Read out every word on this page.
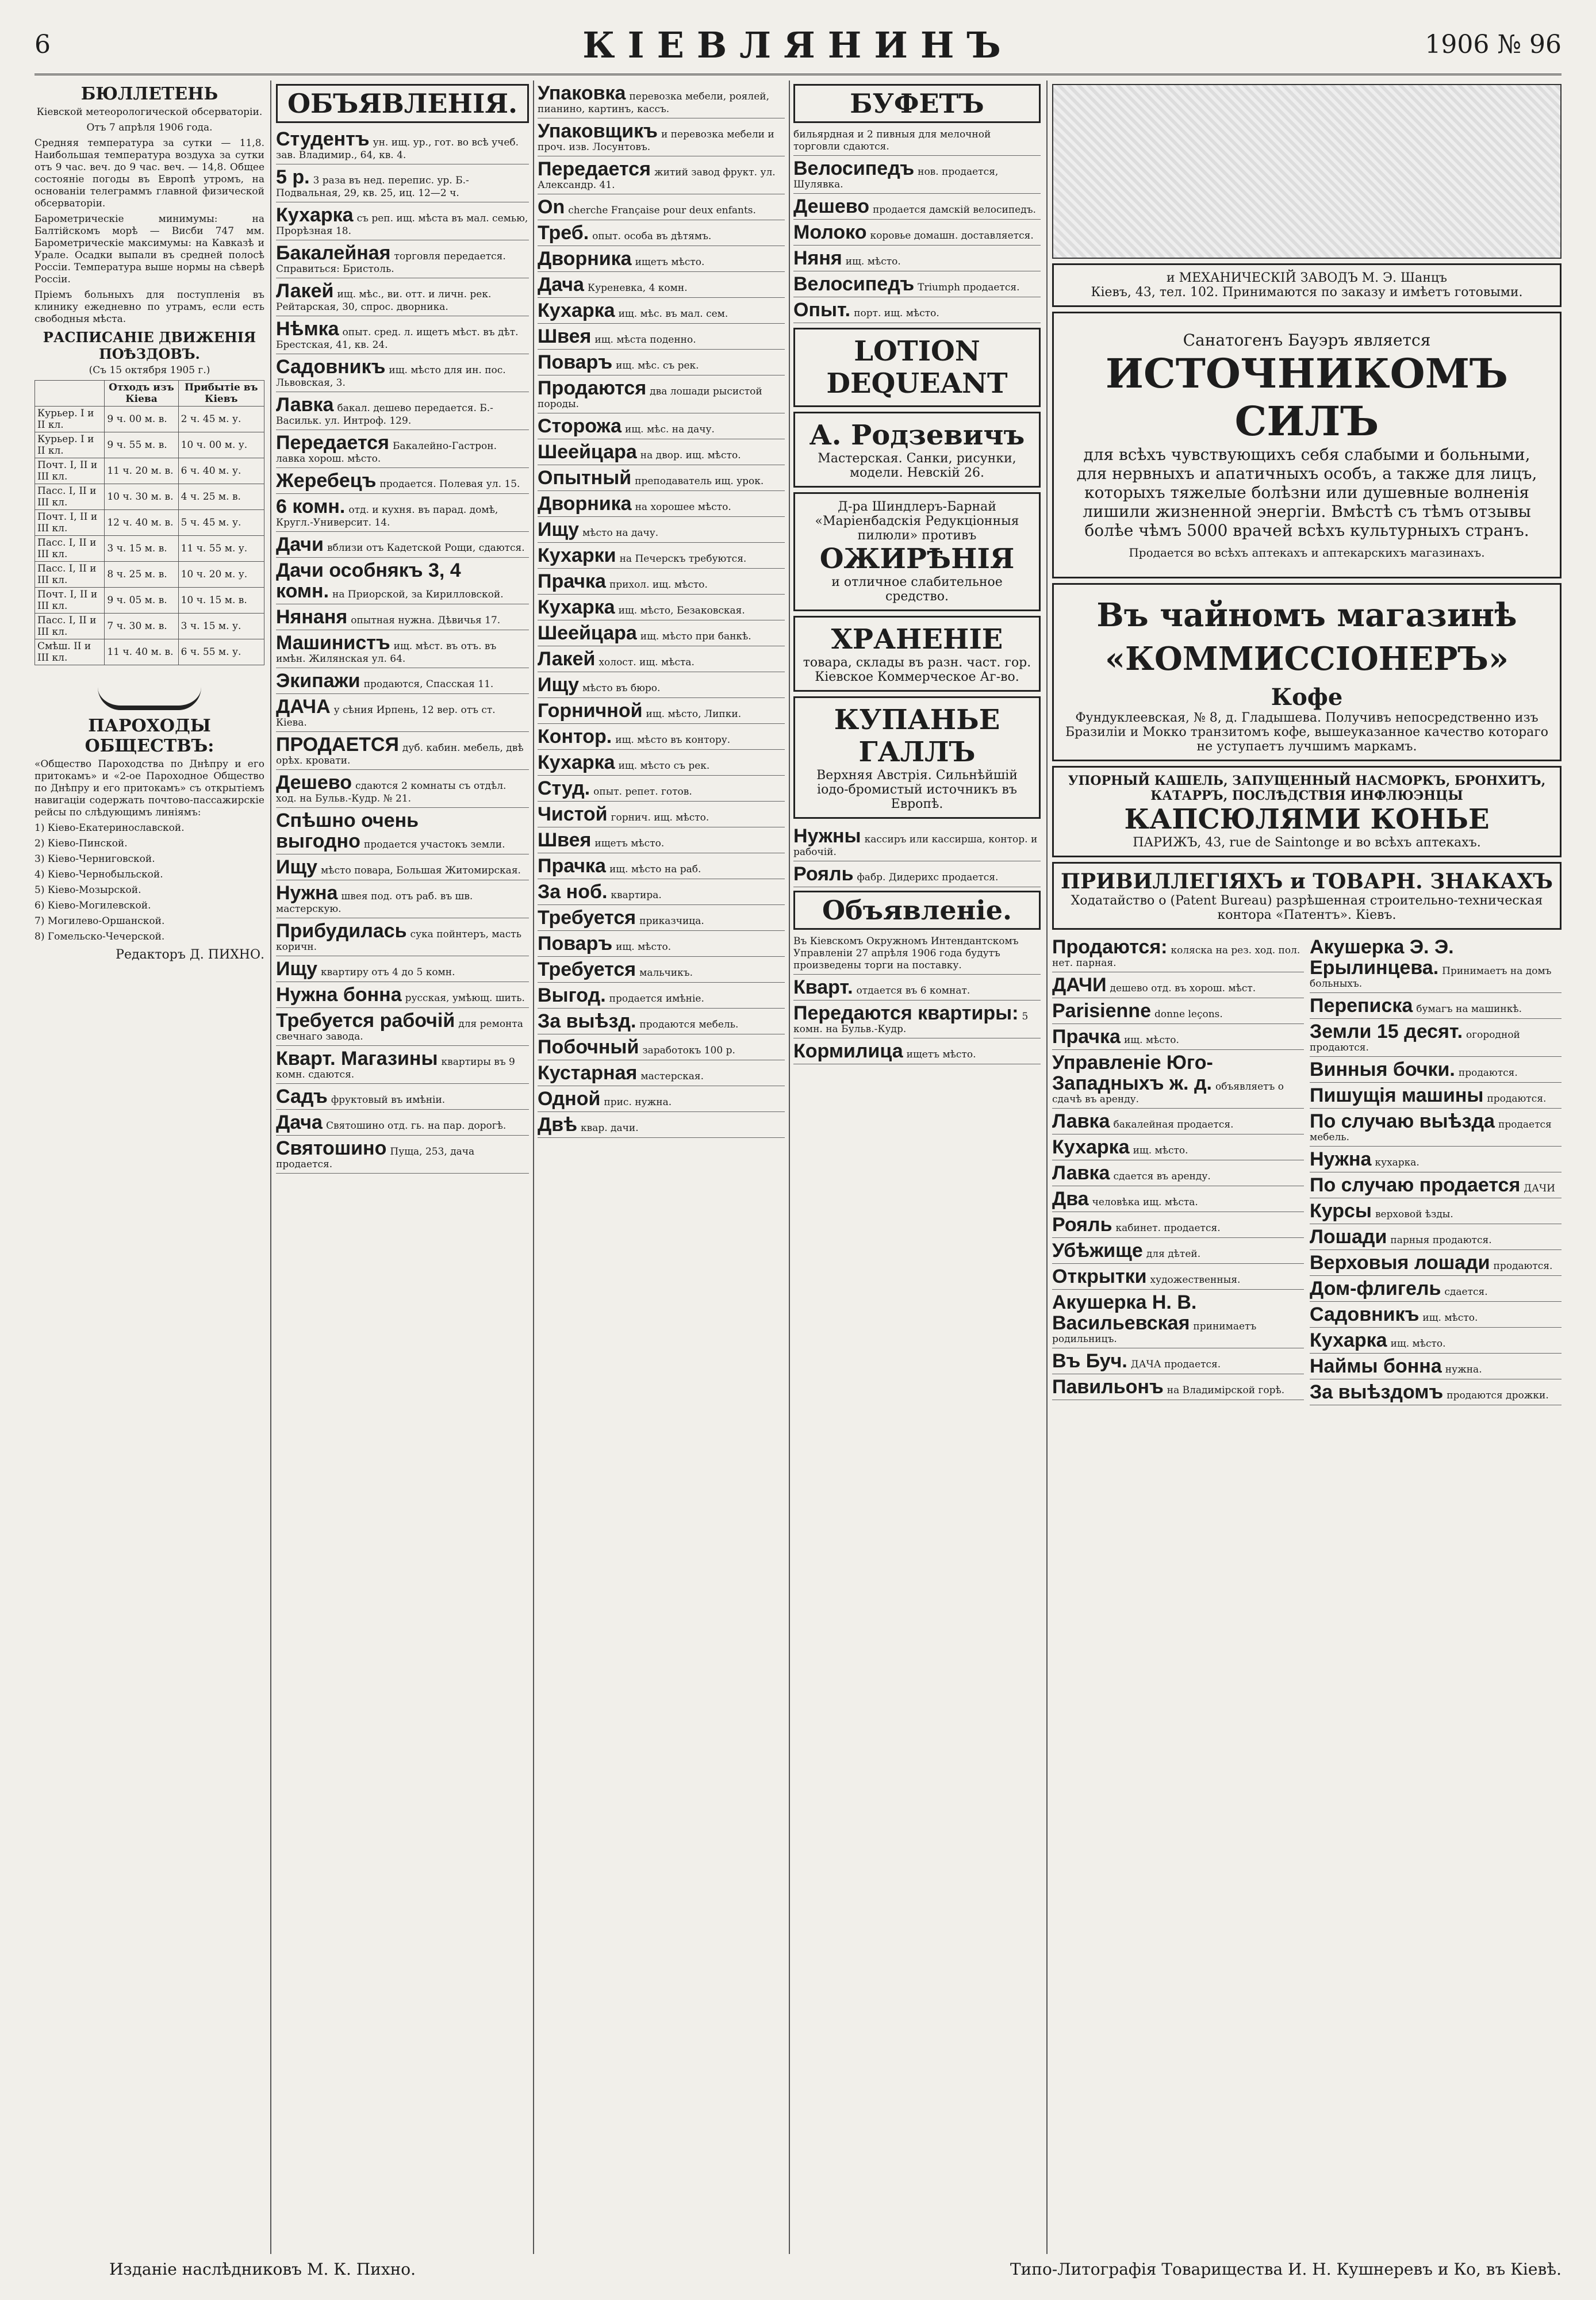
6	КІЕВЛЯНИНЪ	1906 № 96
БЮЛЛЕТЕНЬ

Кіевской метеорологической обсерваторіи.

Отъ 7 апрѣля 1906 года.

Средняя температура за сутки — 11,8. Наибольшая температура воздуха за сутки отъ 9 час. веч. до 9 час. веч. — 14,8. Общее состояніе погоды въ Европѣ утромъ, на основаніи телеграммъ главной физической обсерваторіи.

Барометрическіе минимумы: на Балтійскомъ морѣ — Висби 747 мм. Барометрическіе максимумы: на Кавказѣ и Урале. Осадки выпали въ средней полосѣ Россіи. Температура выше нормы на сѣверѣ Россіи.

Пріемъ больныхъ для поступленія въ клинику ежедневно по утрамъ, если есть свободныя мѣста.

РАСПИСАНІЕ ДВИЖЕНІЯ ПОѢЗДОВЪ.

(Съ 15 октября 1905 г.)

	Отходъ изъ Кіева	Прибытіе въ Кіевъ
Курьер. I и II кл.	9 ч. 00 м. в.	2 ч. 45 м. у.
Курьер. I и II кл.	9 ч. 55 м. в.	10 ч. 00 м. у.
Почт. I, II и III кл.	11 ч. 20 м. в.	6 ч. 40 м. у.
Пасс. I, II и III кл.	10 ч. 30 м. в.	4 ч. 25 м. в.
Почт. I, II и III кл.	12 ч. 40 м. в.	5 ч. 45 м. у.
Пасс. I, II и III кл.	3 ч. 15 м. в.	11 ч. 55 м. у.
Пасс. I, II и III кл.	8 ч. 25 м. в.	10 ч. 20 м. у.
Почт. I, II и III кл.	9 ч. 05 м. в.	10 ч. 15 м. в.
Пасс. I, II и III кл.	7 ч. 30 м. в.	3 ч. 15 м. у.
Смѣш. II и III кл.	11 ч. 40 м. в.	6 ч. 55 м. у.
ПАРОХОДЫ ОБЩЕСТВЪ:

«Общество Пароходства по Днѣпру и его притокамъ» и «2-ое Пароходное Общество по Днѣпру и его притокамъ» съ открытіемъ навигаціи содержать почтово-пассажирскіе рейсы по слѣдующимъ линіямъ:

1) Кіево-Екатеринославской.

2) Кіево-Пинской.

3) Кіево-Черниговской.

4) Кіево-Чернобыльской.

5) Кіево-Мозырской.

6) Кіево-Могилевской.

7) Могилево-Оршанской.

8) Гомельско-Чечерской.

Редакторъ Д. ПИХНО.
ОБЪЯВЛЕНІЯ.
Студентъ ун. ищ. ур., гот. во всѣ учеб. зав. Владимир., 64, кв. 4.
5 р. 3 раза въ нед. перепис. ур. Б.-Подвальная, 29, кв. 25, иц. 12—2 ч.
Кухарка съ реп. ищ. мѣста въ мал. семью, Прорѣзная 18.
Бакалейная торговля передается. Справиться: Бристоль.
Лакей ищ. мѣс., ви. отт. и личн. рек. Рейтарская, 30, спрос. дворника.
Нѣмка опыт. сред. л. ищетъ мѣст. въ дѣт. Брестская, 41, кв. 24.
Садовникъ ищ. мѣсто для ин. пос. Львовская, 3.
Лавка бакал. дешево передается. Б.-Васильк. ул. Интроф. 129.
Передается Бакалейно-Гастрон. лавка хорош. мѣсто.
Жеребецъ продается. Полевая ул. 15.
6 комн. отд. и кухня. въ парад. домѣ, Кругл.-Университ. 14.
Дачи вблизи отъ Кадетской Рощи, сдаются.
Дачи особнякъ 3, 4 комн. на Приорской, за Кирилловской.
Нянаня опытная нужна. Дѣвичья 17.
Машинистъ ищ. мѣст. въ отъ. въ имѣн. Жилянская ул. 64.
Экипажи продаются, Спасская 11.
ДАЧА у сѣния Ирпень, 12 вер. отъ ст. Кіева.
ПРОДАЕТСЯ дуб. кабин. мебель, двѣ орѣх. кровати.
Дешево сдаются 2 комнаты съ отдѣл. ход. на Бульв.-Кудр. № 21.
Спѣшно очень выгодно продается участокъ земли.
Ищу мѣсто повара, Большая Житомирская.
Нужна швея под. отъ раб. въ шв. мастерскую.
Прибудилась сука пойнтеръ, масть коричн.
Ищу квартиру отъ 4 до 5 комн.
Нужна бонна русская, умѣющ. шить.
Требуется рабочій для ремонта свечнаго завода.
Кварт. Магазины квартиры въ 9 комн. сдаются.
Садъ фруктовый въ имѣніи.
Дача Святошино отд. гь. на пар. дорогѣ.
Святошино Пуща, 253, дача продается.
Упаковка перевозка мебели, роялей, пианино, картинъ, кассъ.
Упаковщикъ и перевозка мебели и проч. изв. Лосунтовъ.
Передается житий завод фрукт. ул. Александр. 41.
On cherche Française pour deux enfants.
Треб. опыт. особа въ дѣтямъ.
Дворника ищетъ мѣсто.
Дача Куреневка, 4 комн.
Кухарка ищ. мѣс. въ мал. сем.
Швея ищ. мѣста поденно.
Поваръ ищ. мѣс. съ рек.
Продаются два лошади рысистой породы.
Сторожа ищ. мѣс. на дачу.
Шеейцара на двор. ищ. мѣсто.
Опытный преподаватель ищ. урок.
Дворника на хорошее мѣсто.
Ищу мѣсто на дачу.
Кухарки на Печерскъ требуются.
Прачка прихол. ищ. мѣсто.
Кухарка ищ. мѣсто, Безаковская.
Шеейцара ищ. мѣсто при банкѣ.
Лакей холост. ищ. мѣста.
Ищу мѣсто въ бюро.
Горничной ищ. мѣсто, Липки.
Контор. ищ. мѣсто въ контору.
Кухарка ищ. мѣсто съ рек.
Студ. опыт. репет. готов.
Чистой горнич. ищ. мѣсто.
Швея ищетъ мѣсто.
Прачка ищ. мѣсто на раб.
За ноб. квартира.
Требуется приказчица.
Поваръ ищ. мѣсто.
Требуется мальчикъ.
Выгод. продается имѣніе.
За выѣзд. продаются мебель.
Побочный заработокъ 100 р.
Кустарная мастерская.
Одной прис. нужна.
Двѣ квар. дачи.
БУФЕТЪ
бильярдная и 2 пивныя для мелочной торговли сдаются.
Велосипедъ нов. продается, Шулявка.
Дешево продается дамскій велосипедъ.
Молоко коровье домашн. доставляется.
Няня ищ. мѣсто.
Велосипедъ Triumph продается.
Опыт. порт. ищ. мѣсто.
LOTION DEQUEANT
А. Родзевичъ
Мастерская. Санки, рисунки, модели. Невскій 26.
Д-ра Шиндлеръ-Барнай
«Маріенбадскія Редукціонныя пилюли» противъ
ОЖИРѢНІЯ
и отличное слабительное средство.
ХРАНЕНІЕ
товара, склады въ разн. част. гор. Кіевское Коммерческое Аг-во.
КУПАНЬЕ ГАЛЛЪ
Верхняя Австрія. Сильнѣйшій іодо-бромистый источникъ въ Европѣ.
Нужны кассиръ или кассирша, контор. и рабочій.
Рояль фабр. Дидерихс продается.
Объявленіе.
Въ Кіевскомъ Окружномъ Интендантскомъ Управленіи 27 апрѣля 1906 года будутъ произведены торги на поставку.
Кварт. отдается въ 6 комнат.
Передаются квартиры: 5 комн. на Бульв.-Кудр.
Кормилица ищетъ мѣсто.
и МЕХАНИЧЕСКІЙ ЗАВОДЪ М. Э. Шанцъ
Кіевъ, 43, тел. 102. Принимаются по заказу и имѣетъ готовыми.
Санатогенъ Бауэръ является
ИСТОЧНИКОМЪ СИЛЪ
для всѣхъ чувствующихъ себя слабыми и больными, для нервныхъ и апатичныхъ особъ, а также для лицъ, которыхъ тяжелые болѣзни или душевные волненія лишили жизненной энергіи. Вмѣстѣ съ тѣмъ отзывы болѣе чѣмъ 5000 врачей всѣхъ культурныхъ странъ.
Продается во всѣхъ аптекахъ и аптекарскихъ магазинахъ.
Въ чайномъ магазинѣ
«КОММИССІОНЕРЪ»
Кофе
Фундуклеевская, № 8, д. Гладышева. Получивъ непосредственно изъ Бразиліи и Мокко транзитомъ кофе, вышеуказанное качество котораго не уступаетъ лучшимъ маркамъ.
УПОРНЫЙ КАШЕЛЬ, ЗАПУЩЕННЫЙ НАСМОРКЪ, БРОНХИТЪ, КАТАРРЪ, ПОСЛѢДСТВІЯ ИНФЛЮЭНЦЫ
КАПСЮЛЯМИ КОНЬЕ
ПАРИЖЪ, 43, rue de Saintonge и во всѣхъ аптекахъ.
ПРИВИЛЛЕГІЯХЪ и ТОВАРН. ЗНАКАХЪ
Ходатайство о (Patent Bureau) разрѣшенная строительно-техническая контора «Патентъ». Кіевъ.
Продаются: коляска на рез. ход. пол. нет. парная.
ДАЧИ дешево отд. въ хорош. мѣст.
Parisienne donne leçons.
Прачка ищ. мѣсто.
Управленіе Юго-Западныхъ ж. д. объявляетъ о сдачѣ въ аренду.
Лавка бакалейная продается.
Кухарка ищ. мѣсто.
Лавка сдается въ аренду.
Два человѣка ищ. мѣста.
Рояль кабинет. продается.
Убѣжище для дѣтей.
Открытки художественныя.
Акушерка Н. В. Васильевская принимаетъ родильницъ.
Въ Буч. ДАЧА продается.
Павильонъ на Владимірской горѣ.
Акушерка Э. Э. Ерылинцева. Принимаетъ на домъ больныхъ.
Переписка бумагъ на машинкѣ.
Земли 15 десят. огородной продаются.
Винныя бочки. продаются.
Пишущія машины продаются.
По случаю выѣзда продается мебель.
Нужна кухарка.
По случаю продается ДАЧИ
Курсы верховой ѣзды.
Лошади парныя продаются.
Верховыя лошади продаются.
Дом-флигель сдается.
Садовникъ ищ. мѣсто.
Кухарка ищ. мѣсто.
Наймы бонна нужна.
За выѣздомъ продаются дрожки.
Изданіе наслѣдниковъ М. К. Пихно.	Типо-Литографія Товарищества И. Н. Кушнеревъ и Ко, въ Кіевѣ.
